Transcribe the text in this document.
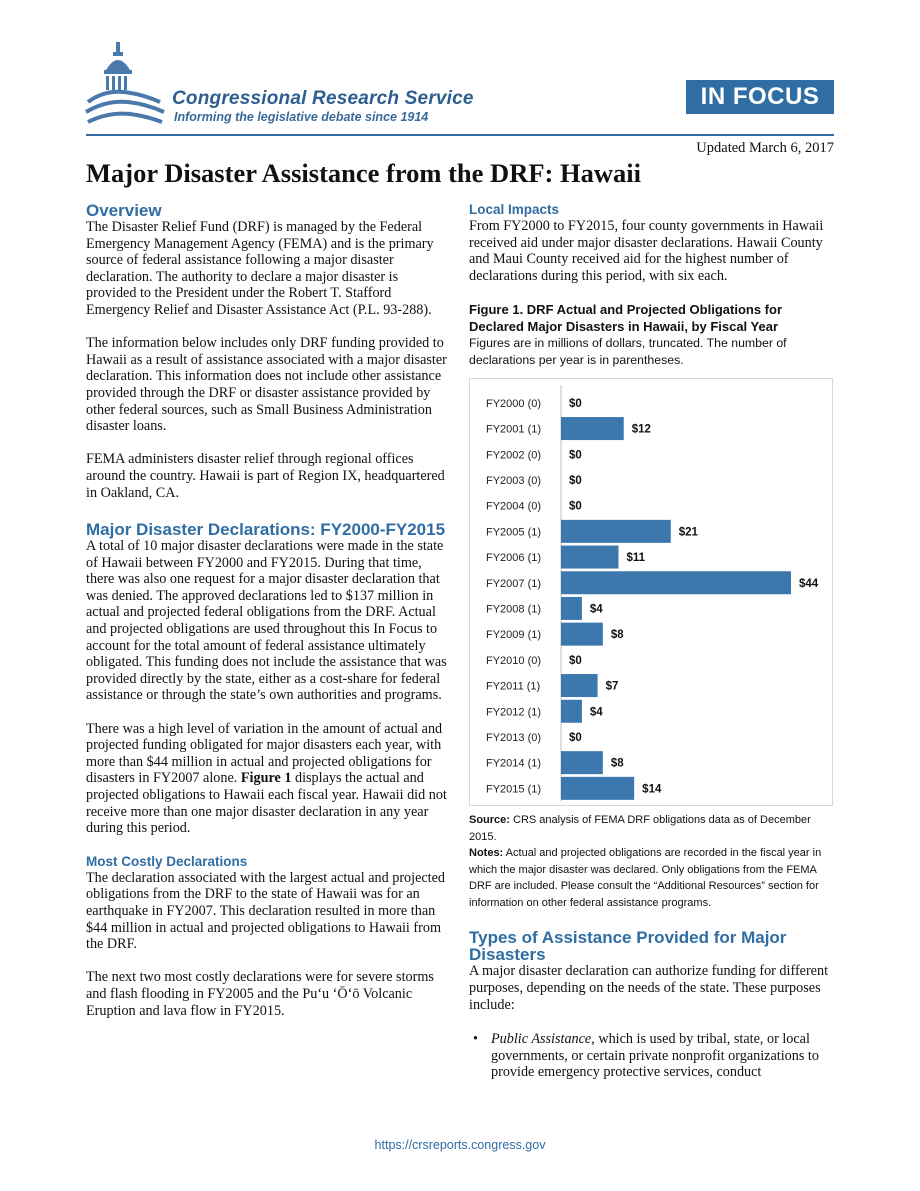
Congressional Research Service
Informing the legislative debate since 1914
IN FOCUS
Updated March 6, 2017
Major Disaster Assistance from the DRF: Hawaii
Overview

The Disaster Relief Fund (DRF) is managed by the Federal Emergency Management Agency (FEMA) and is the primary source of federal assistance following a major disaster declaration. The authority to declare a major disaster is provided to the President under the Robert T. Stafford Emergency Relief and Disaster Assistance Act (P.L. 93-288).

The information below includes only DRF funding provided to Hawaii as a result of assistance associated with a major disaster declaration. This information does not include other assistance provided through the DRF or disaster assistance provided by other federal sources, such as Small Business Administration disaster loans.

FEMA administers disaster relief through regional offices around the country. Hawaii is part of Region IX, headquartered in Oakland, CA.

Major Disaster Declarations: FY2000-FY2015

A total of 10 major disaster declarations were made in the state of Hawaii between FY2000 and FY2015. During that time, there was also one request for a major disaster declaration that was denied. The approved declarations led to $137 million in actual and projected federal obligations from the DRF. Actual and projected obligations are used throughout this In Focus to account for the total amount of federal assistance ultimately obligated. This funding does not include the assistance that was provided directly by the state, either as a cost-share for federal assistance or through the state’s own authorities and programs.

There was a high level of variation in the amount of actual and projected funding obligated for major disasters each year, with more than $44 million in actual and projected obligations for disasters in FY2007 alone. Figure 1 displays the actual and projected obligations to Hawaii each fiscal year. Hawaii did not receive more than one major disaster declaration in any year during this period.

Most Costly Declarations

The declaration associated with the largest actual and projected obligations from the DRF to the state of Hawaii was for an earthquake in FY2007. This declaration resulted in more than $44 million in actual and projected obligations to Hawaii from the DRF.

The next two most costly declarations were for severe storms and flash flooding in FY2005 and the Puʻu ʻŌʻō Volcanic Eruption and lava flow in FY2015.

Local Impacts

From FY2000 to FY2015, four county governments in Hawaii received aid under major disaster declarations. Hawaii County and Maui County received aid for the highest number of declarations during this period, with six each.

Figure 1. DRF Actual and Projected Obligations for Declared Major Disasters in Hawaii, by Fiscal Year
Figures are in millions of dollars, truncated. The number of declarations per year is in parentheses.
FY2000 (0) $0
FY2001 (1)	$12
FY2002 (0) $0
FY2003 (0) $0
FY2004 (0) $0
FY2005 (1)	$21
FY2006 (1)	$11
FY2007 (1)	$44
FY2008 (1)	$4
FY2009 (1)	$8
FY2010 (0) $0
FY2011 (1)	$7
FY2012 (1)	$4
FY2013 (0) $0
FY2014 (1)	$8
FY2015 (1)	$14
Source: CRS analysis of FEMA DRF obligations data as of December 2015.
Notes: Actual and projected obligations are recorded in the fiscal year in which the major disaster was declared. Only obligations from the FEMA DRF are included. Please consult the “Additional Resources” section for information on other federal assistance programs.
Types of Assistance Provided for Major Disasters

A major disaster declaration can authorize funding for different purposes, depending on the needs of the state. These purposes include:

• Public Assistance, which is used by tribal, state, or local governments, or certain private nonprofit organizations to provide emergency protective services, conduct
https://crsreports.congress.gov
